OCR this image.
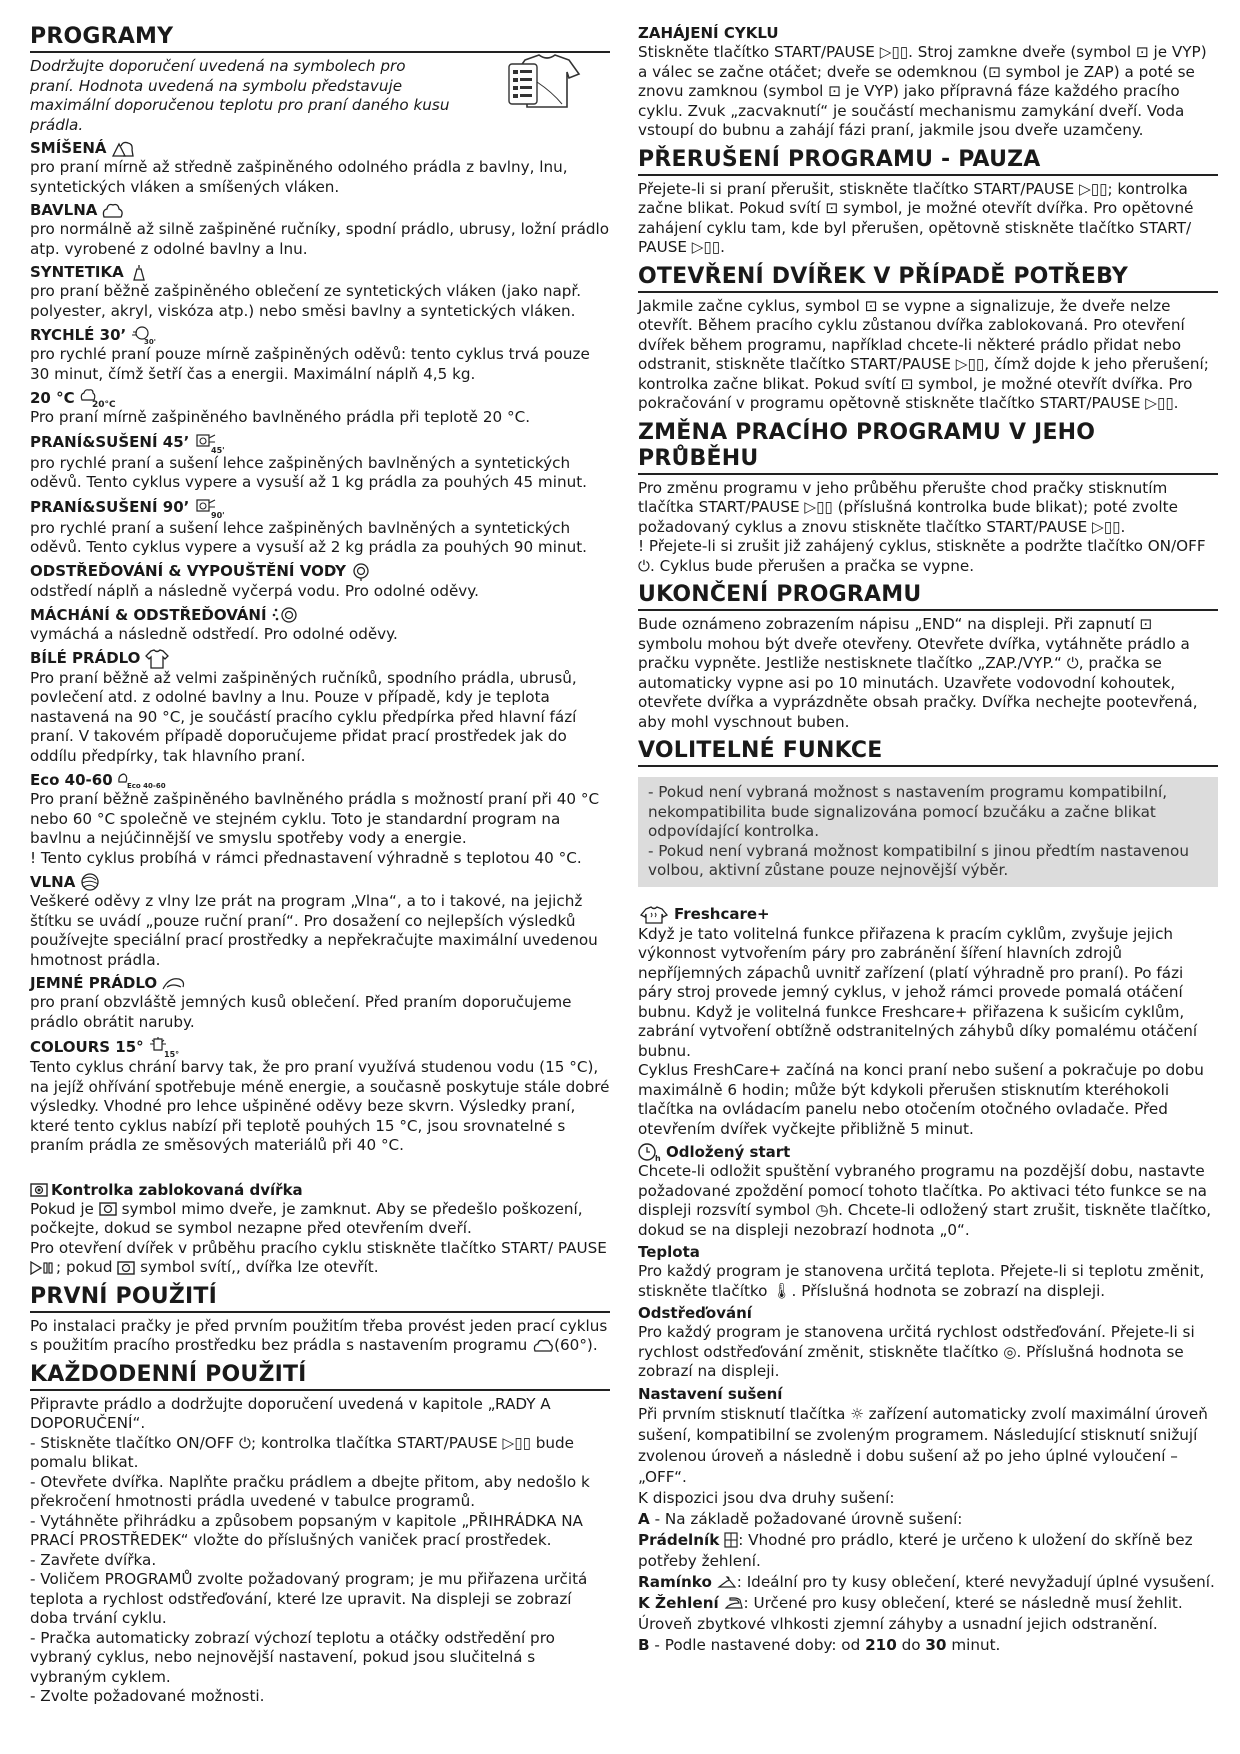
PROGRAMY

Dodržujte doporučení uvedená na symbolech pro praní. Hodnota uvedená na symbolu představuje maximální doporučenou teplotu pro praní daného kusu prádla.

SMÍŠENÁ

pro praní mírně až středně zašpiněného odolného prádla z bavlny, lnu, syntetických vláken a smíšených vláken.

BAVLNA

pro normálně až silně zašpiněné ručníky, spodní prádlo, ubrusy, ložní prádlo atp. vyrobené z odolné bavlny a lnu.

SYNTETIKA

pro praní běžně zašpiněného oblečení ze syntetických vláken (jako např. polyester, akryl, viskóza atp.) nebo směsi bavlny a syntetických vláken.

RYCHLÉ 30’	30'

pro rychlé praní pouze mírně zašpiněných oděvů: tento cyklus trvá pouze 30 minut, čímž šetří čas a energii. Maximální náplň 4,5 kg.

20 °C 20°C

Pro praní mírně zašpiněného bavlněného prádla při teplotě 20 °C.

PRANÍ&SUŠENÍ 45’	45'

pro rychlé praní a sušení lehce zašpiněných bavlněných a syntetických oděvů. Tento cyklus vypere a vysuší až 1 kg prádla za pouhých 45 minut.

PRANÍ&SUŠENÍ 90’	90'

pro rychlé praní a sušení lehce zašpiněných bavlněných a syntetických oděvů. Tento cyklus vypere a vysuší až 2 kg prádla za pouhých 90 minut.

ODSTŘEĎOVÁNÍ & VYPOUŠTĚNÍ VODY

odstředí náplň a následně vyčerpá vodu. Pro odolné oděvy.

MÁCHÁNÍ & ODSTŘEĎOVÁNÍ

vymáchá a následně odstředí. Pro odolné oděvy.

BÍLÉ PRÁDLO

Pro praní běžně až velmi zašpiněných ručníků, spodního prádla, ubrusů, povlečení atd. z odolné bavlny a lnu. Pouze v případě, kdy je teplota nastavená na 90 °C, je součástí pracího cyklu předpírka před hlavní fází praní. V takovém případě doporučujeme přidat prací prostředek jak do oddílu předpírky, tak hlavního praní.

Eco 40-60 Eco 40-60

Pro praní běžně zašpiněného bavlněného prádla s možností praní při 40 °C nebo 60 °C společně ve stejném cyklu. Toto je standardní program na bavlnu a nejúčinnější ve smyslu spotřeby vody a energie.

! Tento cyklus probíhá v rámci přednastavení výhradně s teplotou 40 °C.

VLNA

Veškeré oděvy z vlny lze prát na program „Vlna“, a to i takové, na jejichž štítku se uvádí „pouze ruční praní“. Pro dosažení co nejlepších výsledků používejte speciální prací prostředky a nepřekračujte maximální uvedenou hmotnost prádla.

JEMNÉ PRÁDLO

pro praní obzvláště jemných kusů oblečení. Před praním doporučujeme prádlo obrátit naruby.

COLOURS 15°	15°

Tento cyklus chrání barvy tak, že pro praní využívá studenou vodu (15 °C), na jejíž ohřívání spotřebuje méně energie, a současně poskytuje stále dobré výsledky. Vhodné pro lehce ušpiněné oděvy beze skvrn. Výsledky praní, které tento cyklus nabízí při teplotě pouhých 15 °C, jsou srovnatelné s praním prádla ze směsových materiálů při 40 °C.

Kontrolka zablokovaná dvířka

Pokud je symbol mimo dveře, je zamknut. Aby se předešlo poškození, počkejte, dokud se symbol nezapne před otevřením dveří.

Pro otevření dvířek v průběhu pracího cyklu stiskněte tlačítko START/ PAUSE ; pokud symbol svítí,, dvířka lze otevřít.

PRVNÍ POUŽITÍ

Po instalaci pračky je před prvním použitím třeba provést jeden prací cyklus s použitím pracího prostředku bez prádla s nastavením programu (60°).

KAŽDODENNÍ POUŽITÍ

Připravte prádlo a dodržujte doporučení uvedená v kapitole „RADY A DOPORUČENÍ“.

- Stiskněte tlačítko ON/OFF ⏻; kontrolka tlačítka START/PAUSE ▷▯▯ bude pomalu blikat.

- Otevřete dvířka. Naplňte pračku prádlem a dbejte přitom, aby nedošlo k překročení hmotnosti prádla uvedené v tabulce programů.

- Vytáhněte přihrádku a způsobem popsaným v kapitole „PŘIHRÁDKA NA PRACÍ PROSTŘEDEK“ vložte do příslušných vaniček prací prostředek.

- Zavřete dvířka.

- Voličem PROGRAMŮ zvolte požadovaný program; je mu přiřazena určitá teplota a rychlost odstřeďování, které lze upravit. Na displeji se zobrazí doba trvání cyklu.

- Pračka automaticky zobrazí výchozí teplotu a otáčky odstředění pro vybraný cyklus, nebo nejnovější nastavení, pokud jsou slučitelná s vybraným cyklem.

- Zvolte požadované možnosti.

ZAHÁJENÍ CYKLU

Stiskněte tlačítko START/PAUSE ▷▯▯. Stroj zamkne dveře (symbol ⊡ je VYP) a válec se začne otáčet; dveře se odemknou (⊡ symbol je ZAP) a poté se znovu zamknou (symbol ⊡ je VYP) jako přípravná fáze každého pracího cyklu. Zvuk „zacvaknutí“ je součástí mechanismu zamykání dveří. Voda vstoupí do bubnu a zahájí fázi praní, jakmile jsou dveře uzamčeny.

PŘERUŠENÍ PROGRAMU - PAUZA

Přejete-li si praní přerušit, stiskněte tlačítko START/PAUSE ▷▯▯; kontrolka začne blikat. Pokud svítí ⊡ symbol, je možné otevřít dvířka. Pro opětovné zahájení cyklu tam, kde byl přerušen, opětovně stiskněte tlačítko START/ PAUSE ▷▯▯.

OTEVŘENÍ DVÍŘEK V PŘÍPADĚ POTŘEBY

Jakmile začne cyklus, symbol ⊡ se vypne a signalizuje, že dveře nelze otevřít. Během pracího cyklu zůstanou dvířka zablokovaná. Pro otevření dvířek během programu, například chcete-li některé prádlo přidat nebo odstranit, stiskněte tlačítko START/PAUSE ▷▯▯, čímž dojde k jeho přerušení; kontrolka začne blikat. Pokud svítí ⊡ symbol, je možné otevřít dvířka. Pro pokračování v programu opětovně stiskněte tlačítko START/PAUSE ▷▯▯.

ZMĚNA PRACÍHO PROGRAMU V JEHO PRŮBĚHU

Pro změnu programu v jeho průběhu přerušte chod pračky stisknutím tlačítka START/PAUSE ▷▯▯ (příslušná kontrolka bude blikat); poté zvolte požadovaný cyklus a znovu stiskněte tlačítko START/PAUSE ▷▯▯.

! Přejete-li si zrušit již zahájený cyklus, stiskněte a podržte tlačítko ON/OFF ⏻. Cyklus bude přerušen a pračka se vypne.

UKONČENÍ PROGRAMU

Bude oznámeno zobrazením nápisu „END“ na displeji. Při zapnutí ⊡ symbolu mohou být dveře otevřeny. Otevřete dvířka, vytáhněte prádlo a pračku vypněte. Jestliže nestisknete tlačítko „ZAP./VYP.“ ⏻, pračka se automaticky vypne asi po 10 minutách. Uzavřete vodovodní kohoutek, otevřete dvířka a vyprázdněte obsah pračky. Dvířka nechejte pootevřená, aby mohl vyschnout buben.

VOLITELNÉ FUNKCE

- Pokud není vybraná možnost s nastavením programu kompatibilní, nekompatibilita bude signalizována pomocí bzučáku a začne blikat odpovídající kontrolka.

- Pokud není vybraná možnost kompatibilní s jinou předtím nastavenou volbou, aktivní zůstane pouze nejnovější výběr.

Freshcare+

Když je tato volitelná funkce přiřazena k pracím cyklům, zvyšuje jejich výkonnost vytvořením páry pro zabránění šíření hlavních zdrojů nepříjemných zápachů uvnitř zařízení (platí výhradně pro praní). Po fázi páry stroj provede jemný cyklus, v jehož rámci provede pomalá otáčení bubnu. Když je volitelná funkce Freshcare+ přiřazena k sušicím cyklům, zabrání vytvoření obtížně odstranitelných záhybů díky pomalému otáčení bubnu.

Cyklus FreshCare+ začíná na konci praní nebo sušení a pokračuje po dobu maximálně 6 hodin; může být kdykoli přerušen stisknutím kteréhokoli tlačítka na ovládacím panelu nebo otočením otočného ovladače. Před otevřením dvířek vyčkejte přibližně 5 minut.

h Odložený start

Chcete-li odložit spuštění vybraného programu na pozdější dobu, nastavte požadované zpoždění pomocí tohoto tlačítka. Po aktivaci této funkce se na displeji rozsvítí symbol ◷h. Chcete-li odložený start zrušit, tiskněte tlačítko, dokud se na displeji nezobrazí hodnota „0“.

Teplota

Pro každý program je stanovena určitá teplota. Přejete-li si teplotu změnit, stiskněte tlačítko 🌡. Příslušná hodnota se zobrazí na displeji.

Odstřeďování

Pro každý program je stanovena určitá rychlost odstřeďování. Přejete-li si rychlost odstřeďování změnit, stiskněte tlačítko ◎. Příslušná hodnota se zobrazí na displeji.

Nastavení sušení

Při prvním stisknutí tlačítka ☼ zařízení automaticky zvolí maximální úroveň sušení, kompatibilní se zvoleným programem. Následující stisknutí snižují zvolenou úroveň a následně i dobu sušení až po jeho úplné vyloučení – „OFF“.

K dispozici jsou dva druhy sušení:

A - Na základě požadované úrovně sušení:

Prádelník : Vhodné pro prádlo, které je určeno k uložení do skříně bez potřeby žehlení.

Ramínko : Ideální pro ty kusy oblečení, které nevyžadují úplné vysušení.

K Žehlení : Určené pro kusy oblečení, které se následně musí žehlit. Úroveň zbytkové vlhkosti zjemní záhyby a usnadní jejich odstranění.

B - Podle nastavené doby: od 210 do 30 minut.
